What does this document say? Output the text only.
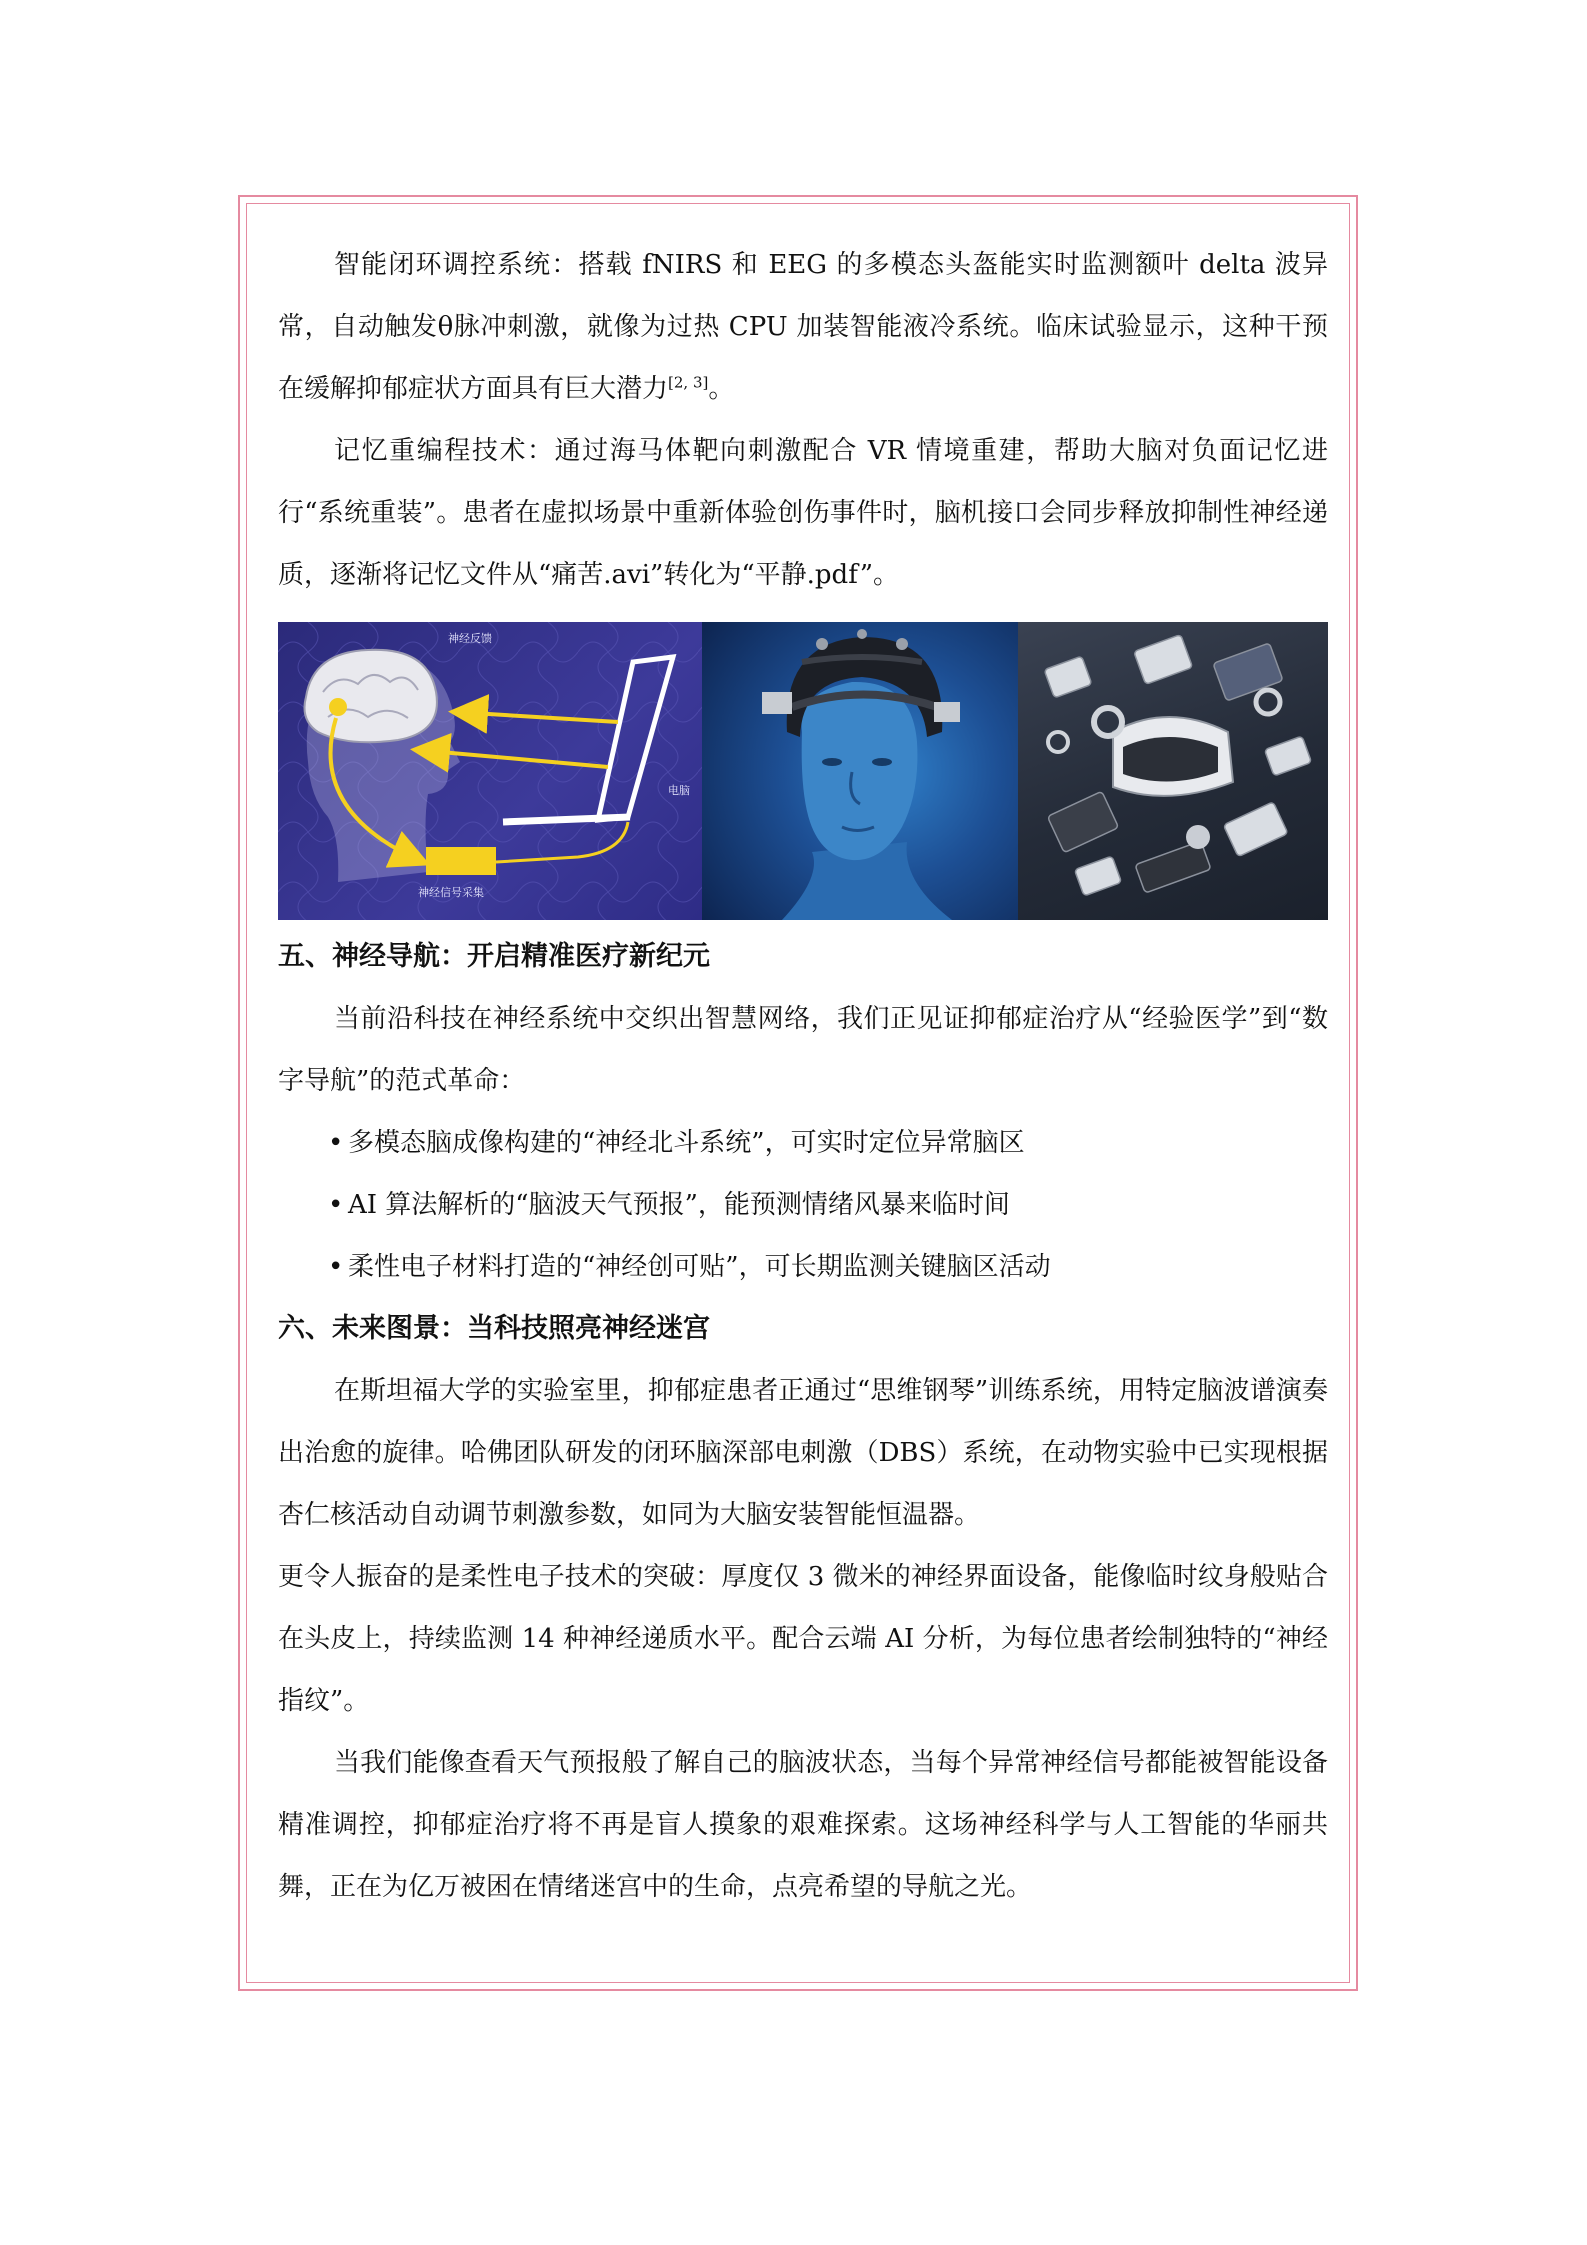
智能闭环调控系统：搭载 fNIRS 和 EEG 的多模态头盔能实时监测额叶 delta 波异常，自动触发θ脉冲刺激，就像为过热 CPU 加装智能液冷系统。临床试验显示，这种干预在缓解抑郁症状方面具有巨大潜力[2, 3]。

记忆重编程技术：通过海马体靶向刺激配合 VR 情境重建，帮助大脑对负面记忆进行“系统重装”。患者在虚拟场景中重新体验创伤事件时，脑机接口会同步释放抑制性神经递质，逐渐将记忆文件从“痛苦.avi”转化为“平静.pdf”。

神经反馈
电脑
神经信号采集
五、神经导航：开启精准医疗新纪元

当前沿科技在神经系统中交织出智慧网络，我们正见证抑郁症治疗从“经验医学”到“数字导航”的范式革命：

• 多模态脑成像构建的“神经北斗系统”，可实时定位异常脑区
• AI 算法解析的“脑波天气预报”，能预测情绪风暴来临时间
• 柔性电子材料打造的“神经创可贴”，可长期监测关键脑区活动
六、未来图景：当科技照亮神经迷宫

在斯坦福大学的实验室里，抑郁症患者正通过“思维钢琴”训练系统，用特定脑波谱演奏出治愈的旋律。哈佛团队研发的闭环脑深部电刺激（DBS）系统，在动物实验中已实现根据杏仁核活动自动调节刺激参数，如同为大脑安装智能恒温器。

更令人振奋的是柔性电子技术的突破：厚度仅 3 微米的神经界面设备，能像临时纹身般贴合在头皮上，持续监测 14 种神经递质水平。配合云端 AI 分析，为每位患者绘制独特的“神经指纹”。

当我们能像查看天气预报般了解自己的脑波状态，当每个异常神经信号都能被智能设备精准调控，抑郁症治疗将不再是盲人摸象的艰难探索。这场神经科学与人工智能的华丽共舞，正在为亿万被困在情绪迷宫中的生命，点亮希望的导航之光。
